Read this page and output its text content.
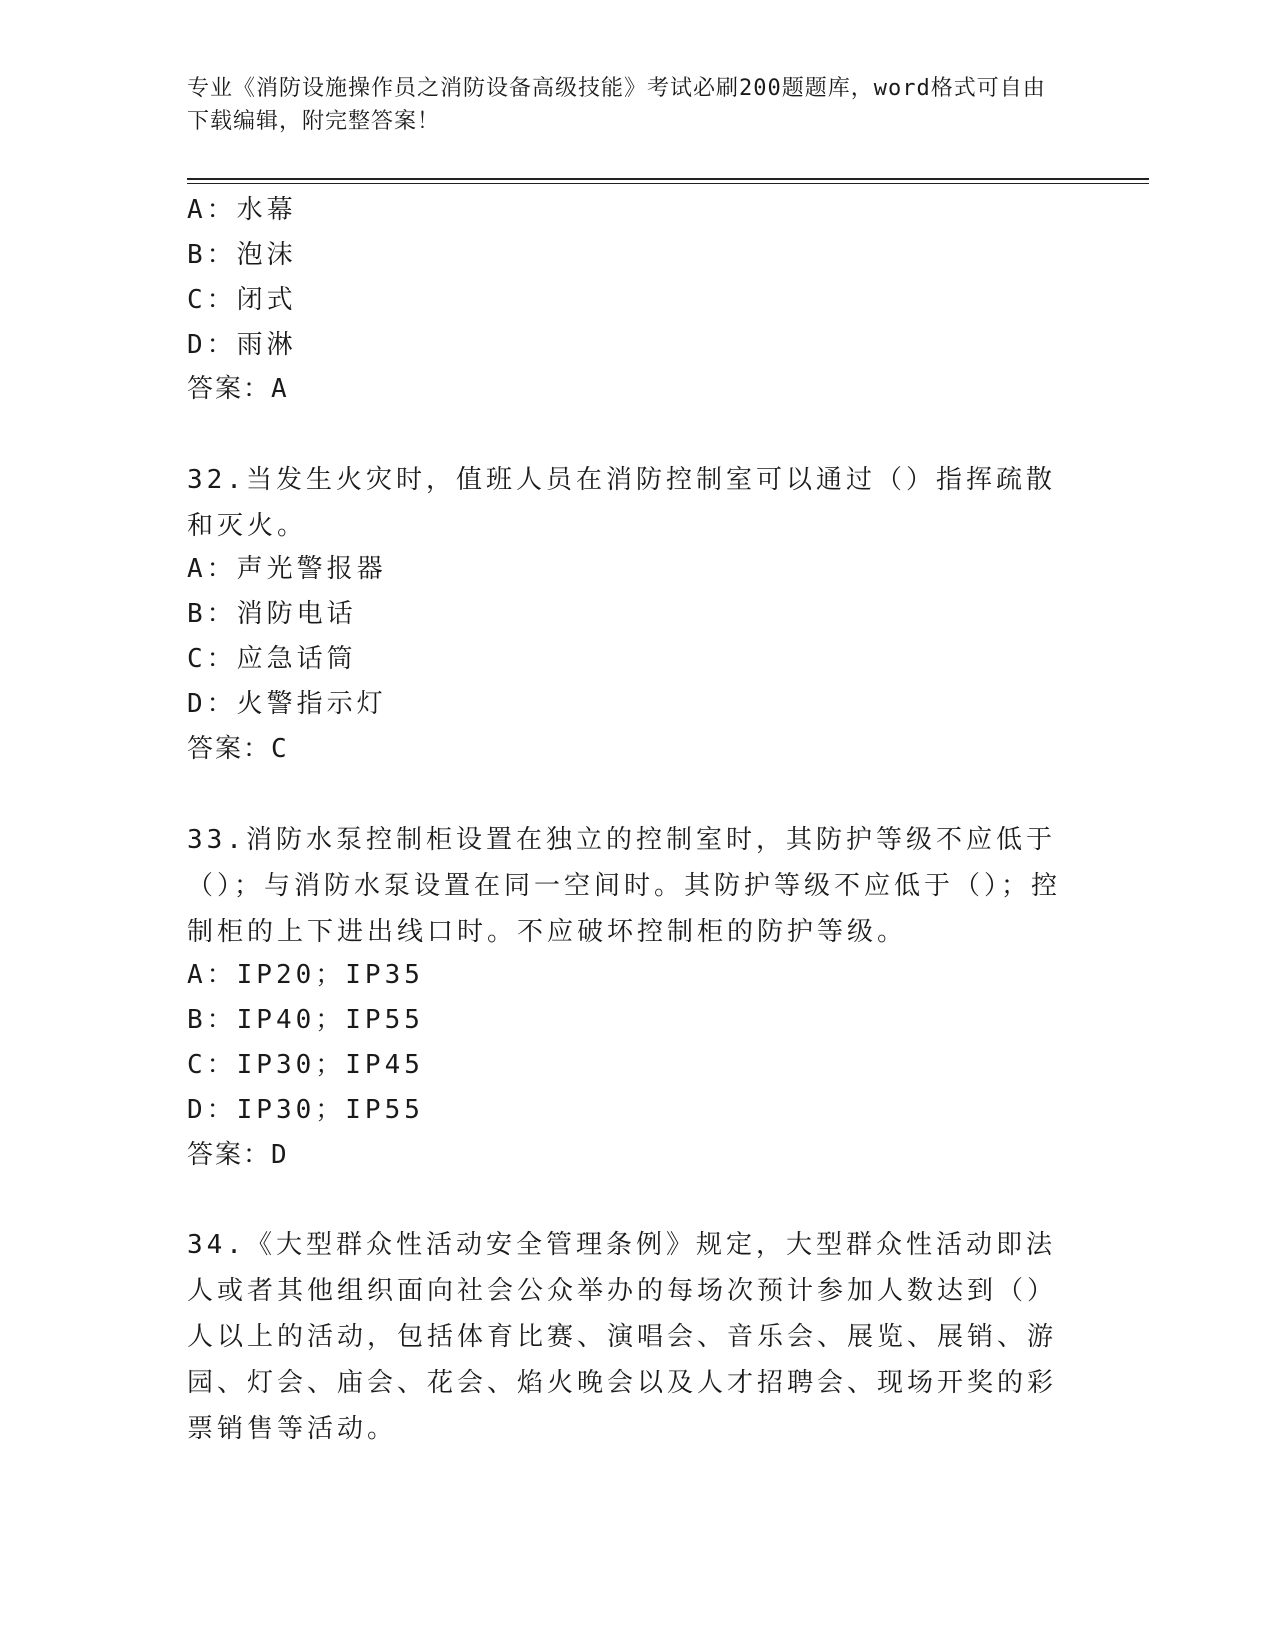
专业《消防设施操作员之消防设备高级技能》考试必刷200题题库，word格式可自由下载编辑，附完整答案！
A：水幕
B：泡沫
C：闭式
D：雨淋
答案：A
32.当发生火灾时，值班人员在消防控制室可以通过（）指挥疏散和灭火。
A：声光警报器
B：消防电话
C：应急话筒
D：火警指示灯
答案：C
33.消防水泵控制柜设置在独立的控制室时，其防护等级不应低于（）；与消防水泵设置在同一空间时。其防护等级不应低于（）；控制柜的上下进出线口时。不应破坏控制柜的防护等级。
A：IP20；IP35
B：IP40；IP55
C：IP30；IP45
D：IP30；IP55
答案：D
34.《大型群众性活动安全管理条例》规定，大型群众性活动即法人或者其他组织面向社会公众举办的每场次预计参加人数达到（）人以上的活动，包括体育比赛、演唱会、音乐会、展览、展销、游园、灯会、庙会、花会、焰火晚会以及人才招聘会、现场开奖的彩票销售等活动。
